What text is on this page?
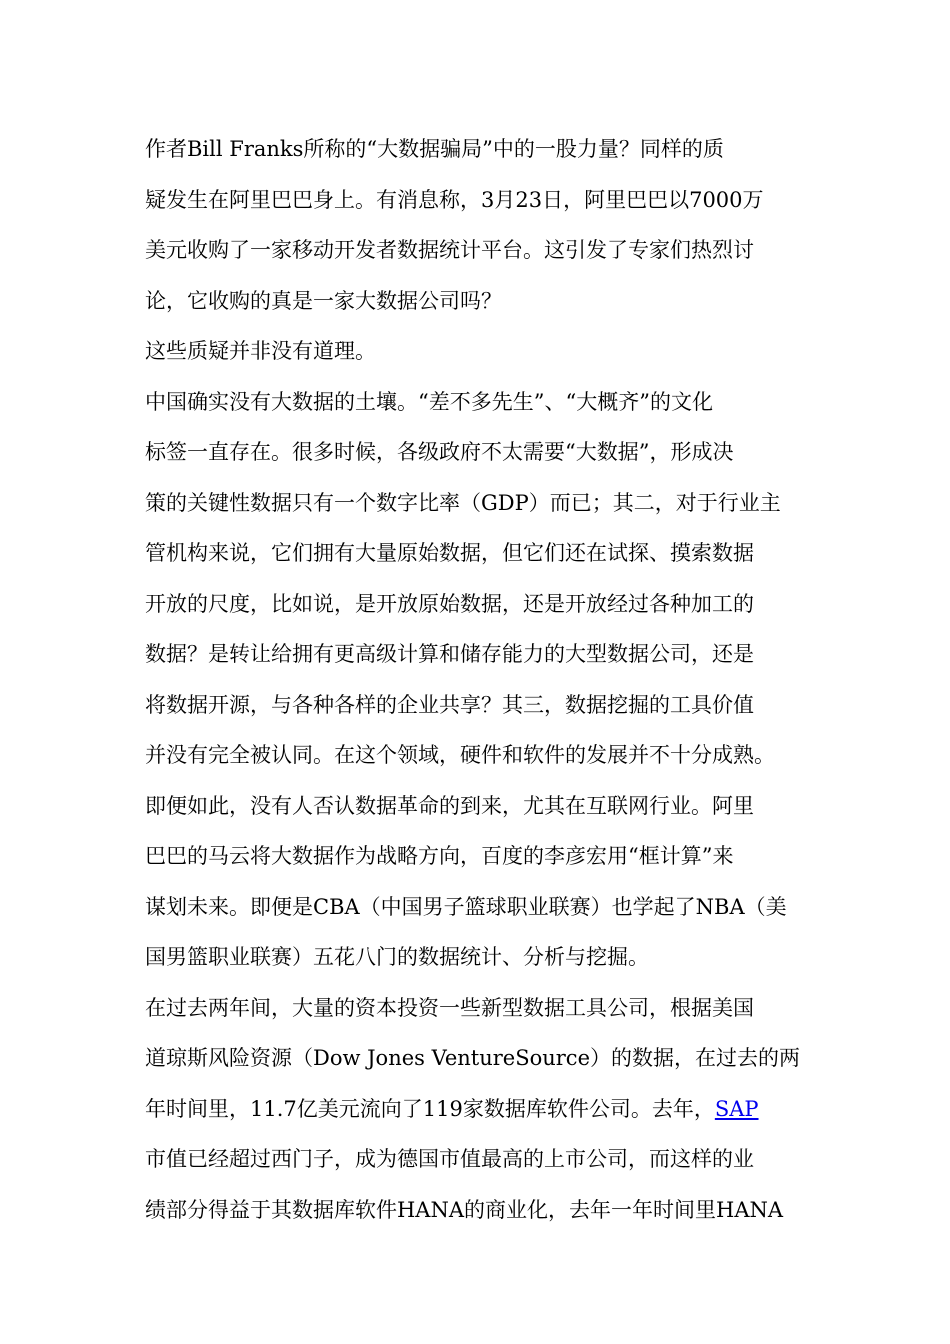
作者Bill Franks所称的“大数据骗局”中的一股力量？同样的质
疑发生在阿里巴巴身上。有消息称，3月23日，阿里巴巴以7000万
美元收购了一家移动开发者数据统计平台。这引发了专家们热烈讨
论，它收购的真是一家大数据公司吗？
这些质疑并非没有道理。
中国确实没有大数据的土壤。“差不多先生”、“大概齐”的文化
标签一直存在。很多时候，各级政府不太需要“大数据”，形成决
策的关键性数据只有一个数字比率（GDP）而已；其二，对于行业主
管机构来说，它们拥有大量原始数据，但它们还在试探、摸索数据
开放的尺度，比如说，是开放原始数据，还是开放经过各种加工的
数据？是转让给拥有更高级计算和储存能力的大型数据公司，还是
将数据开源，与各种各样的企业共享？其三，数据挖掘的工具价值
并没有完全被认同。在这个领域，硬件和软件的发展并不十分成熟。
即便如此，没有人否认数据革命的到来，尤其在互联网行业。阿里
巴巴的马云将大数据作为战略方向，百度的李彦宏用“框计算”来
谋划未来。即便是CBA（中国男子篮球职业联赛）也学起了NBA（美
国男篮职业联赛）五花八门的数据统计、分析与挖掘。
在过去两年间，大量的资本投资一些新型数据工具公司，根据美国
道琼斯风险资源（Dow Jones VentureSource）的数据，在过去的两
年时间里，11.7亿美元流向了119家数据库软件公司。去年，SAP
市值已经超过西门子，成为德国市值最高的上市公司，而这样的业
绩部分得益于其数据库软件HANA的商业化，去年一年时间里HANA
